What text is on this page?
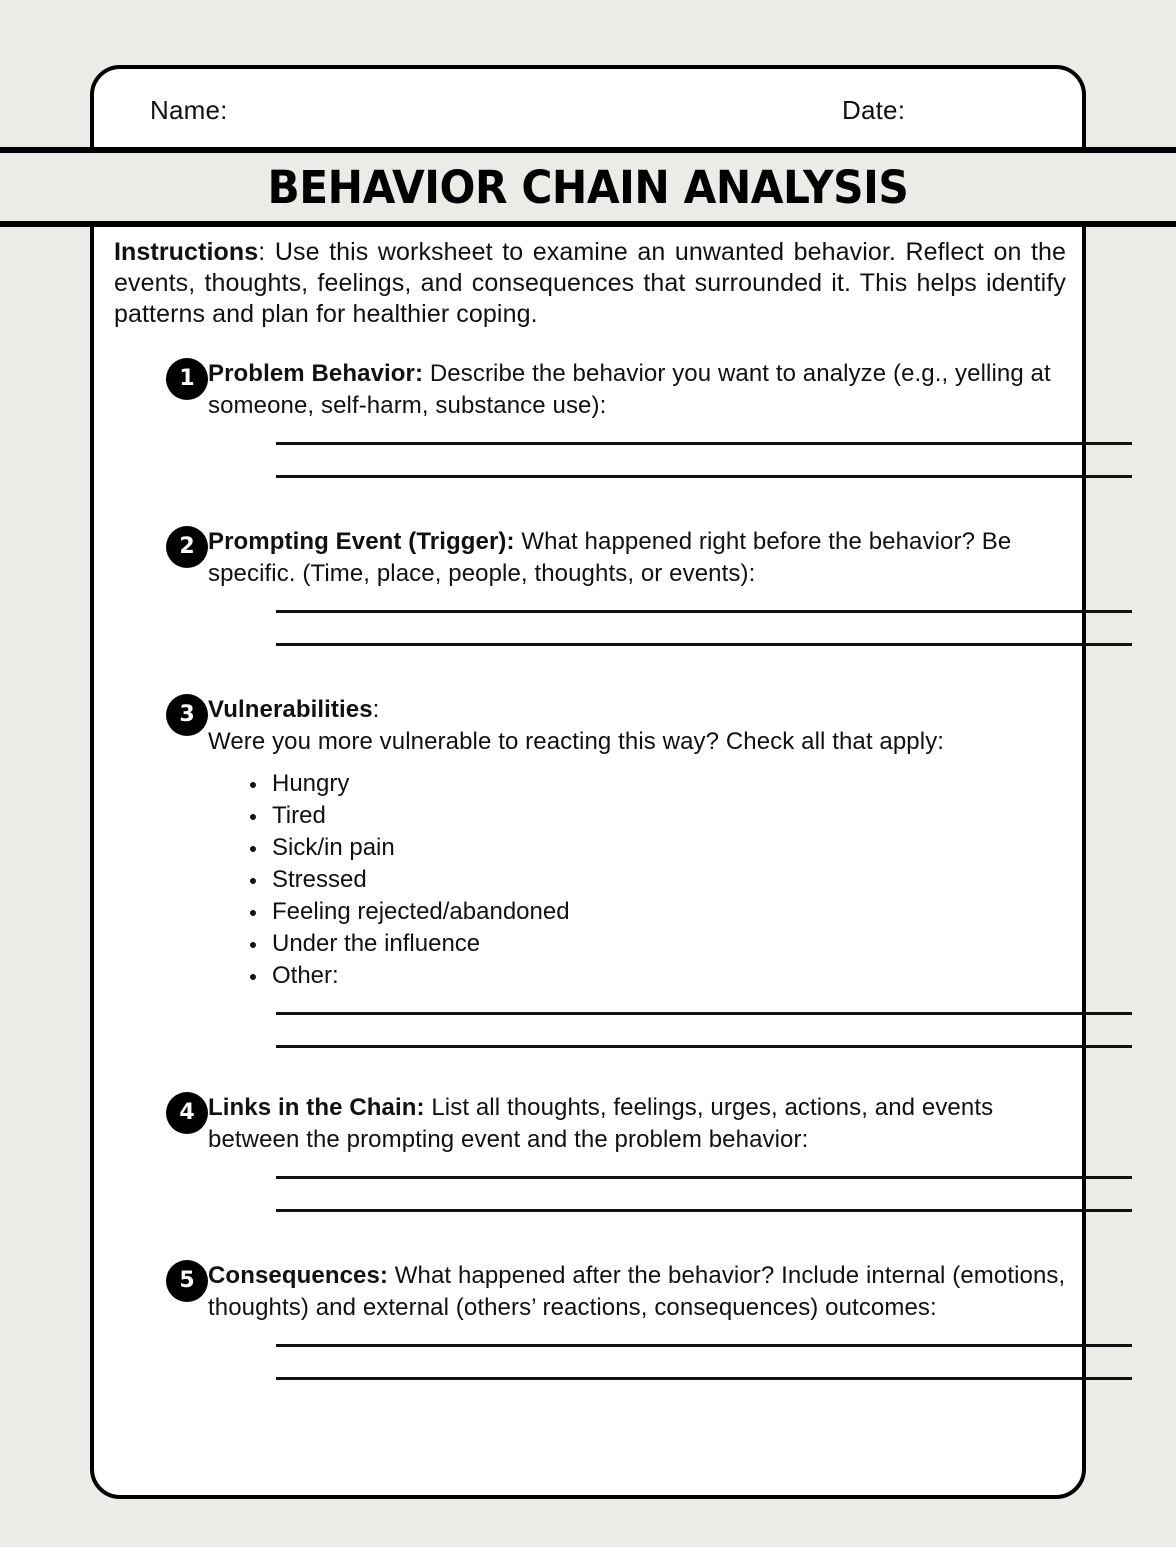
Name:	Date:

Instructions: Use this worksheet to examine an unwanted behavior. Reflect on the events, thoughts, feelings, and consequences that surrounded it. This helps identify patterns and plan for healthier coping.

1 Problem Behavior: Describe the behavior you want to analyze (e.g., yelling at someone, self-harm, substance use):

2 Prompting Event (Trigger): What happened right before the behavior? Be specific. (Time, place, people, thoughts, or events):

3 Vulnerabilities:
Were you more vulnerable to reacting this way? Check all that apply:

Hungry
Tired
Sick/in pain
Stressed
Feeling rejected/abandoned
Under the influence
Other:
4 Links in the Chain: List all thoughts, feelings, urges, actions, and events between the prompting event and the problem behavior:

5 Consequences: What happened after the behavior? Include internal (emotions, thoughts) and external (others’ reactions, consequences) outcomes:

BEHAVIOR CHAIN ANALYSIS
